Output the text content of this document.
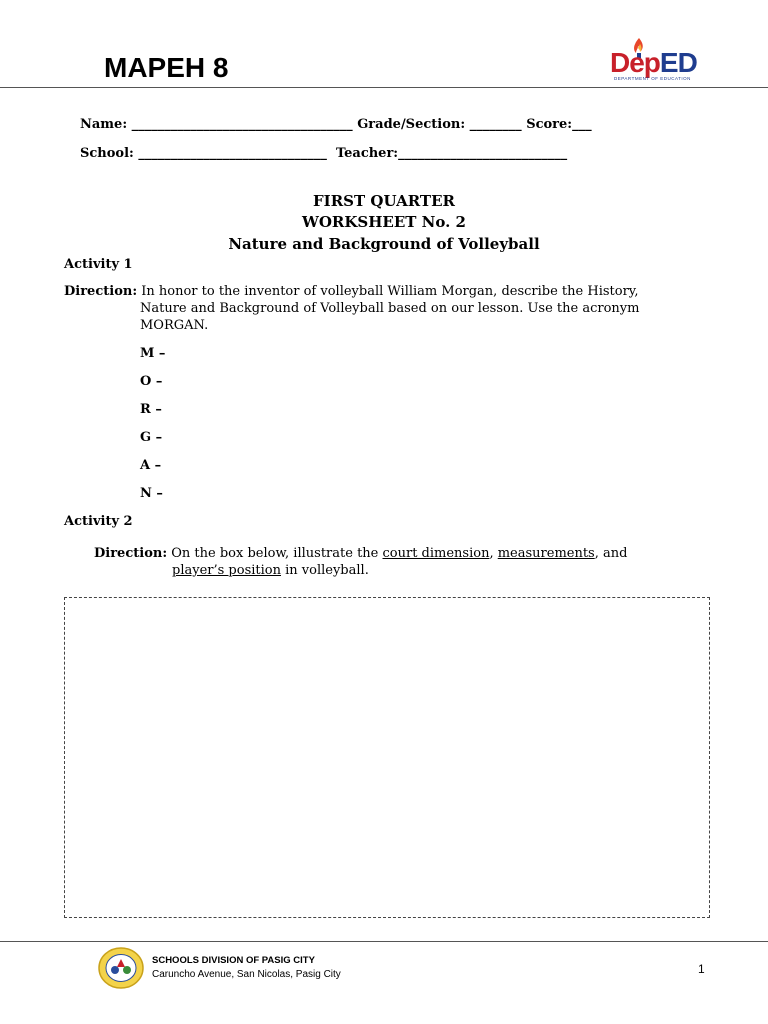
MAPEH 8	DepED
DEPARTMENT OF EDUCATION
Name: __________________________________ Grade/Section: ________ Score:___
School: _____________________________ Teacher:__________________________
FIRST QUARTER
WORKSHEET No. 2
Nature and Background of Volleyball
Activity 1
Direction: In honor to the inventor of volleyball William Morgan, describe the History,
Nature and Background of Volleyball based on our lesson. Use the acronym
MORGAN.
M –
O –
R –
G –
A –
N –
Activity 2
Direction: On the box below, illustrate the court dimension, measurements, and
player’s position in volleyball.
SCHOOLS DIVISION OF PASIG CITY
Caruncho Avenue, San Nicolas, Pasig City	1
